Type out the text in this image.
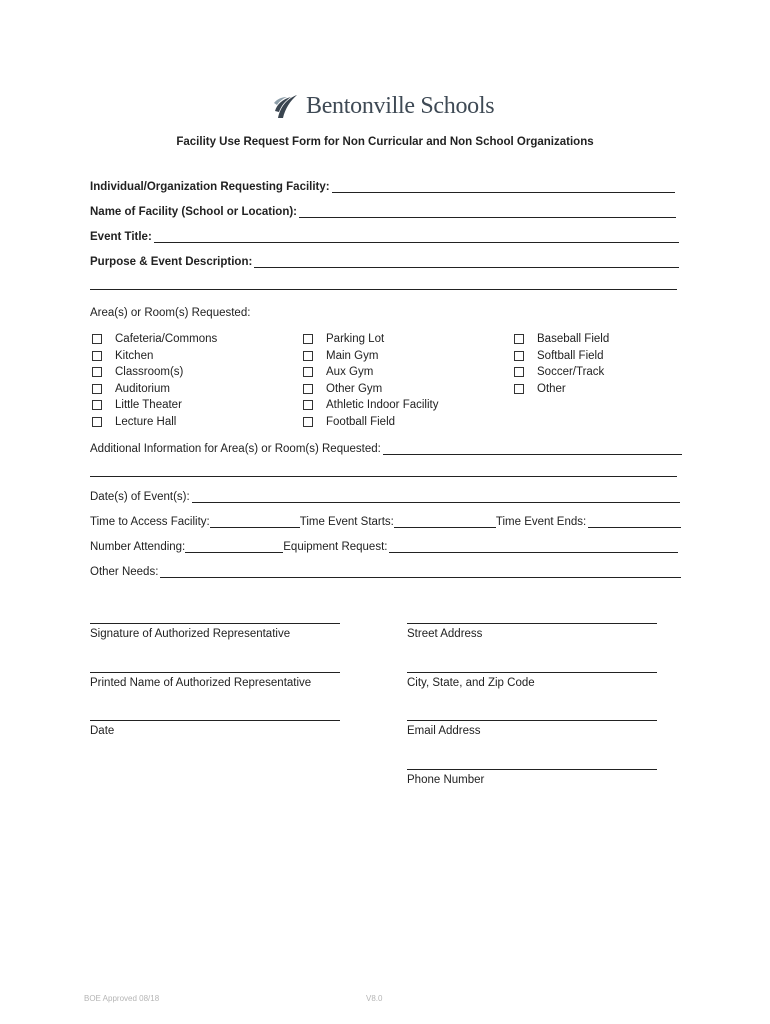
Bentonville Schools
Facility Use Request Form for Non Curricular and Non School Organizations
Individual/Organization Requesting Facility:
Name of Facility (School or Location):
Event Title:
Purpose & Event Description:
Area(s) or Room(s) Requested:
Cafeteria/Commons
Kitchen
Classroom(s)
Auditorium
Little Theater
Lecture Hall
Parking Lot
Main Gym
Aux Gym
Other Gym
Athletic Indoor Facility
Football Field
Baseball Field
Softball Field
Soccer/Track
Other
Additional Information for Area(s) or Room(s) Requested:
Date(s) of Event(s):
Time to Access Facility:	Time Event Starts:	Time Event Ends:
Number Attending:	Equipment Request:
Other Needs:
Signature of Authorized Representative
Printed Name of Authorized Representative
Date
Street Address
City, State, and Zip Code
Email Address
Phone Number
BOE Approved 08/18	V8.0
